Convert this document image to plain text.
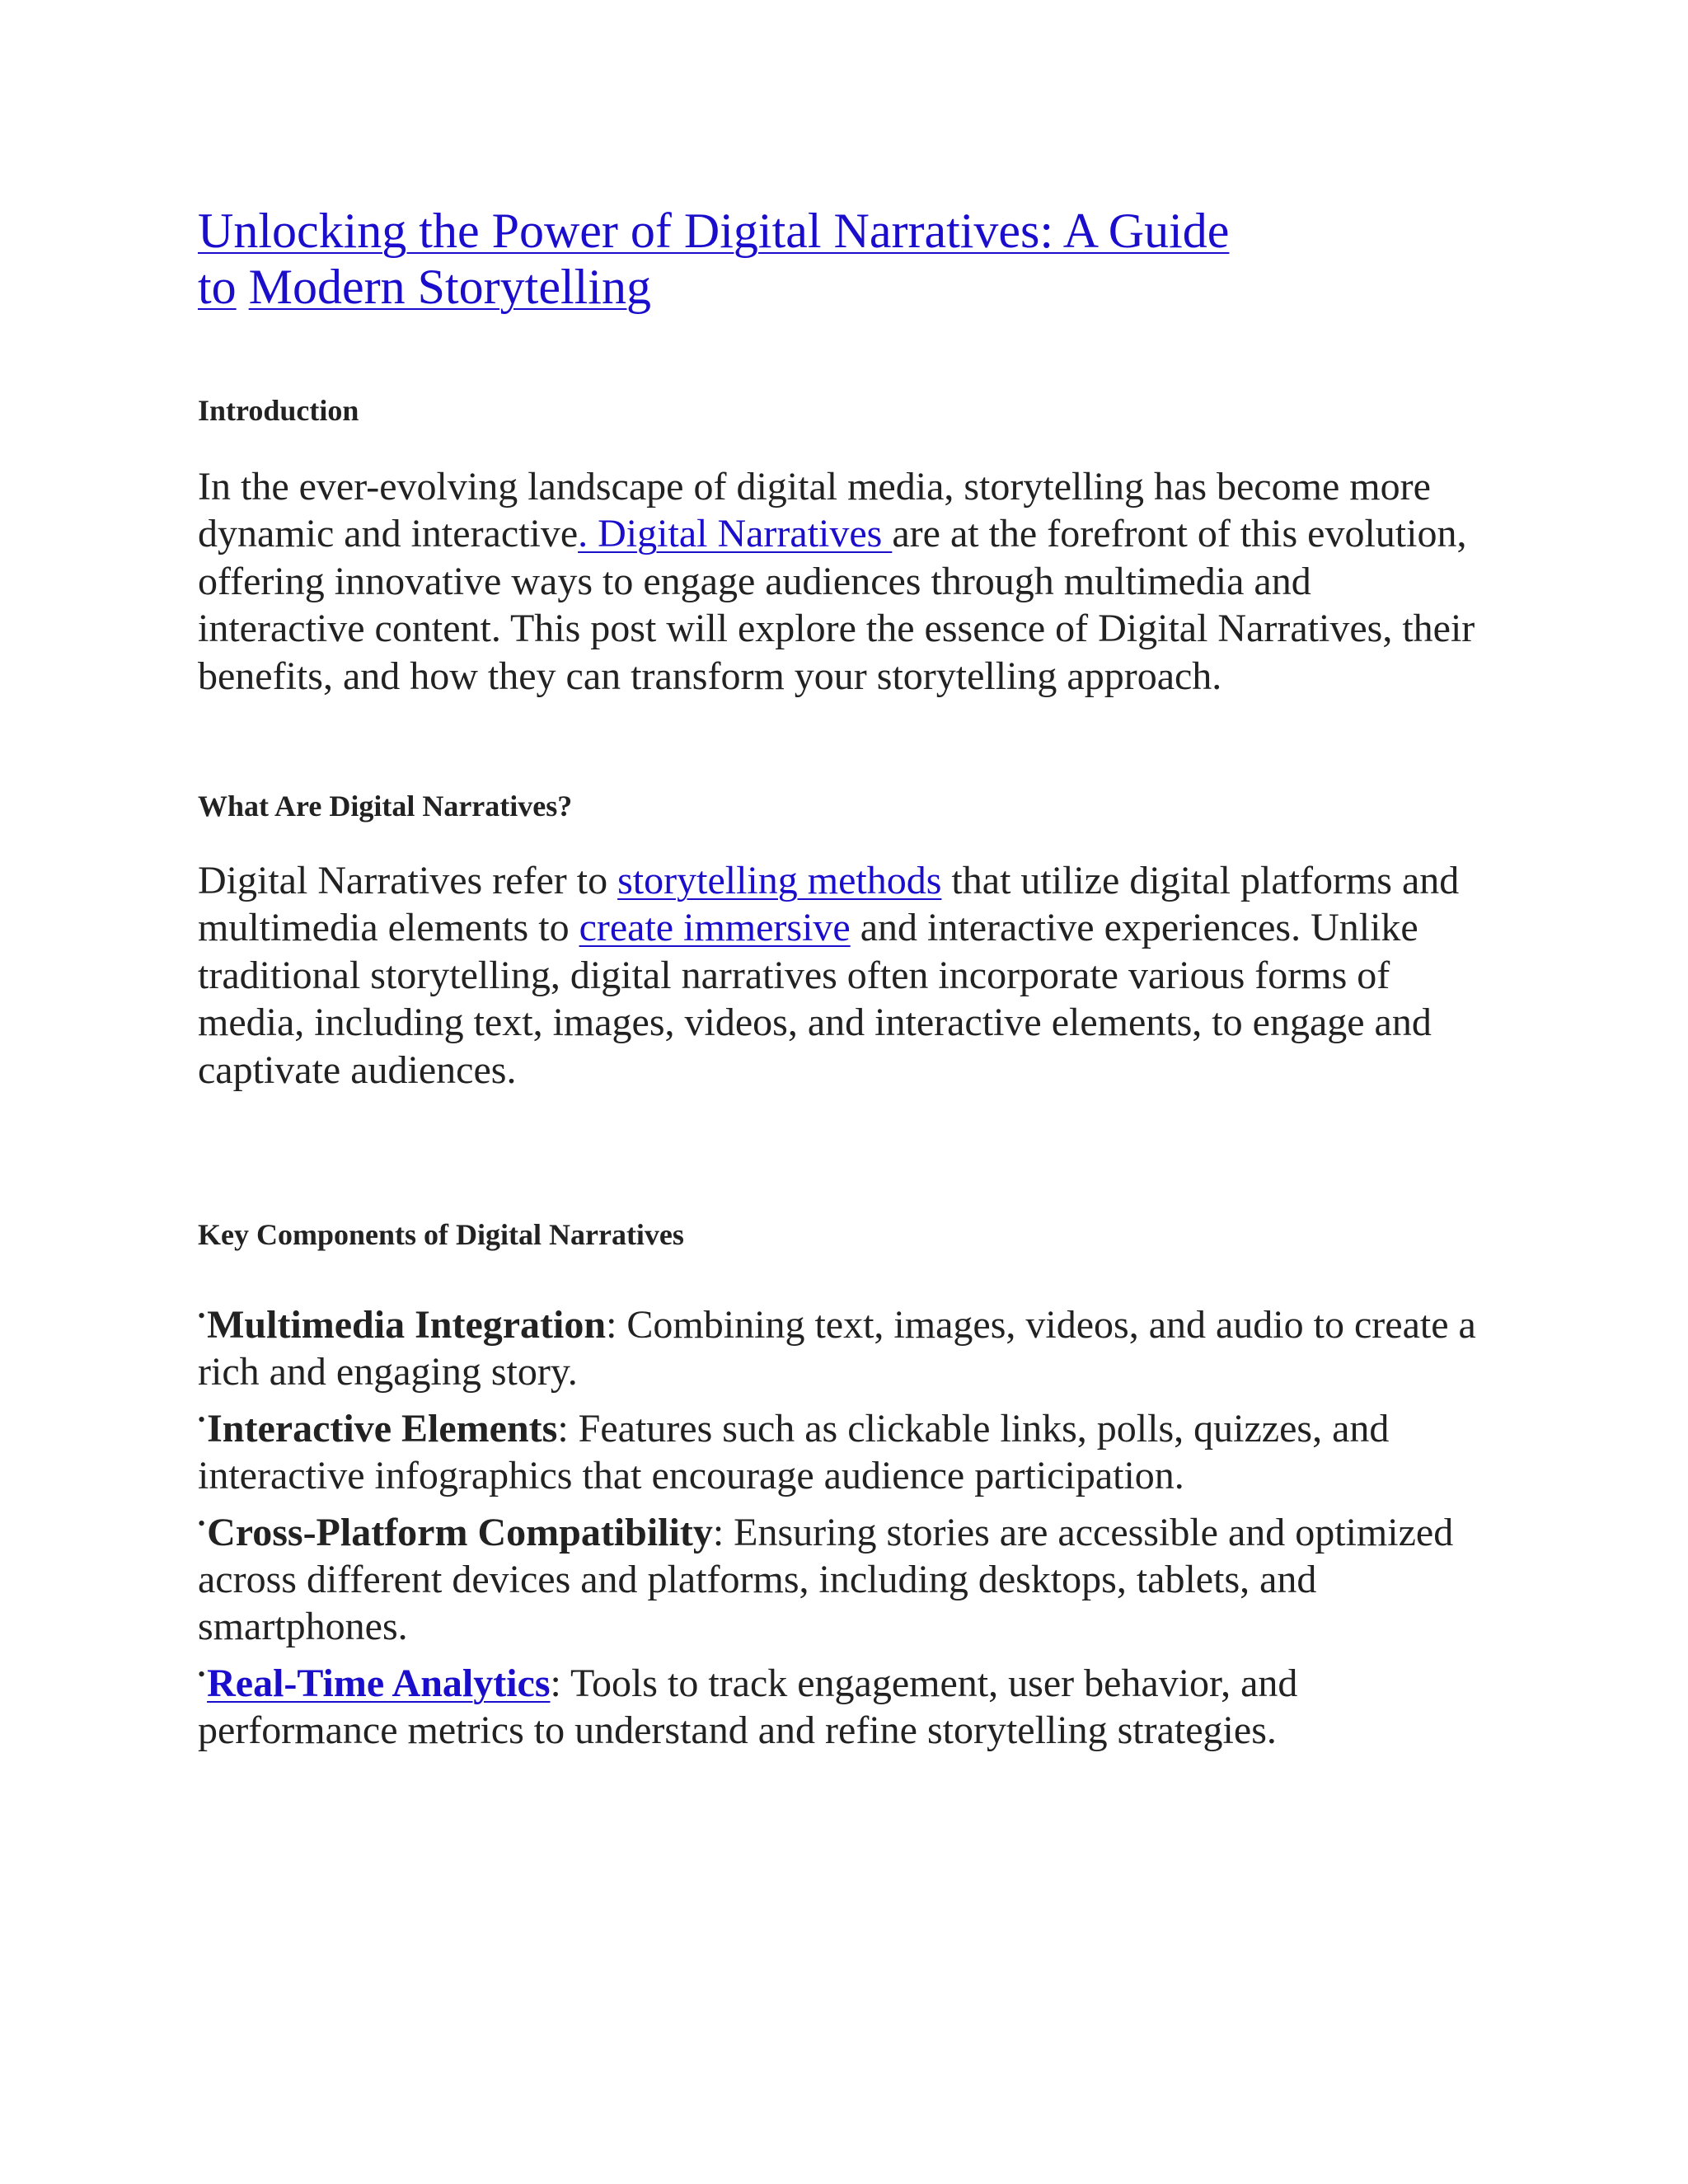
Unlocking the Power of Digital Narratives: A Guide
to Modern Storytelling
Introduction

In the ever-evolving landscape of digital media, storytelling has become more dynamic and interactive. Digital Narratives are at the forefront of this evolution, offering innovative ways to engage audiences through multimedia and interactive content. This post will explore the essence of Digital Narratives, their benefits, and how they can transform your storytelling approach.

What Are Digital Narratives?

Digital Narratives refer to storytelling methods that utilize digital platforms and multimedia elements to create immersive and interactive experiences. Unlike traditional storytelling, digital narratives often incorporate various forms of media, including text, images, videos, and interactive elements, to engage and captivate audiences.

Key Components of Digital Narratives
•Multimedia Integration: Combining text, images, videos, and audio to create a rich and engaging story.
•Interactive Elements: Features such as clickable links, polls, quizzes, and interactive infographics that encourage audience participation.
•Cross-Platform Compatibility: Ensuring stories are accessible and optimized across different devices and platforms, including desktops, tablets, and smartphones.
•Real-Time Analytics: Tools to track engagement, user behavior, and performance metrics to understand and refine storytelling strategies.
